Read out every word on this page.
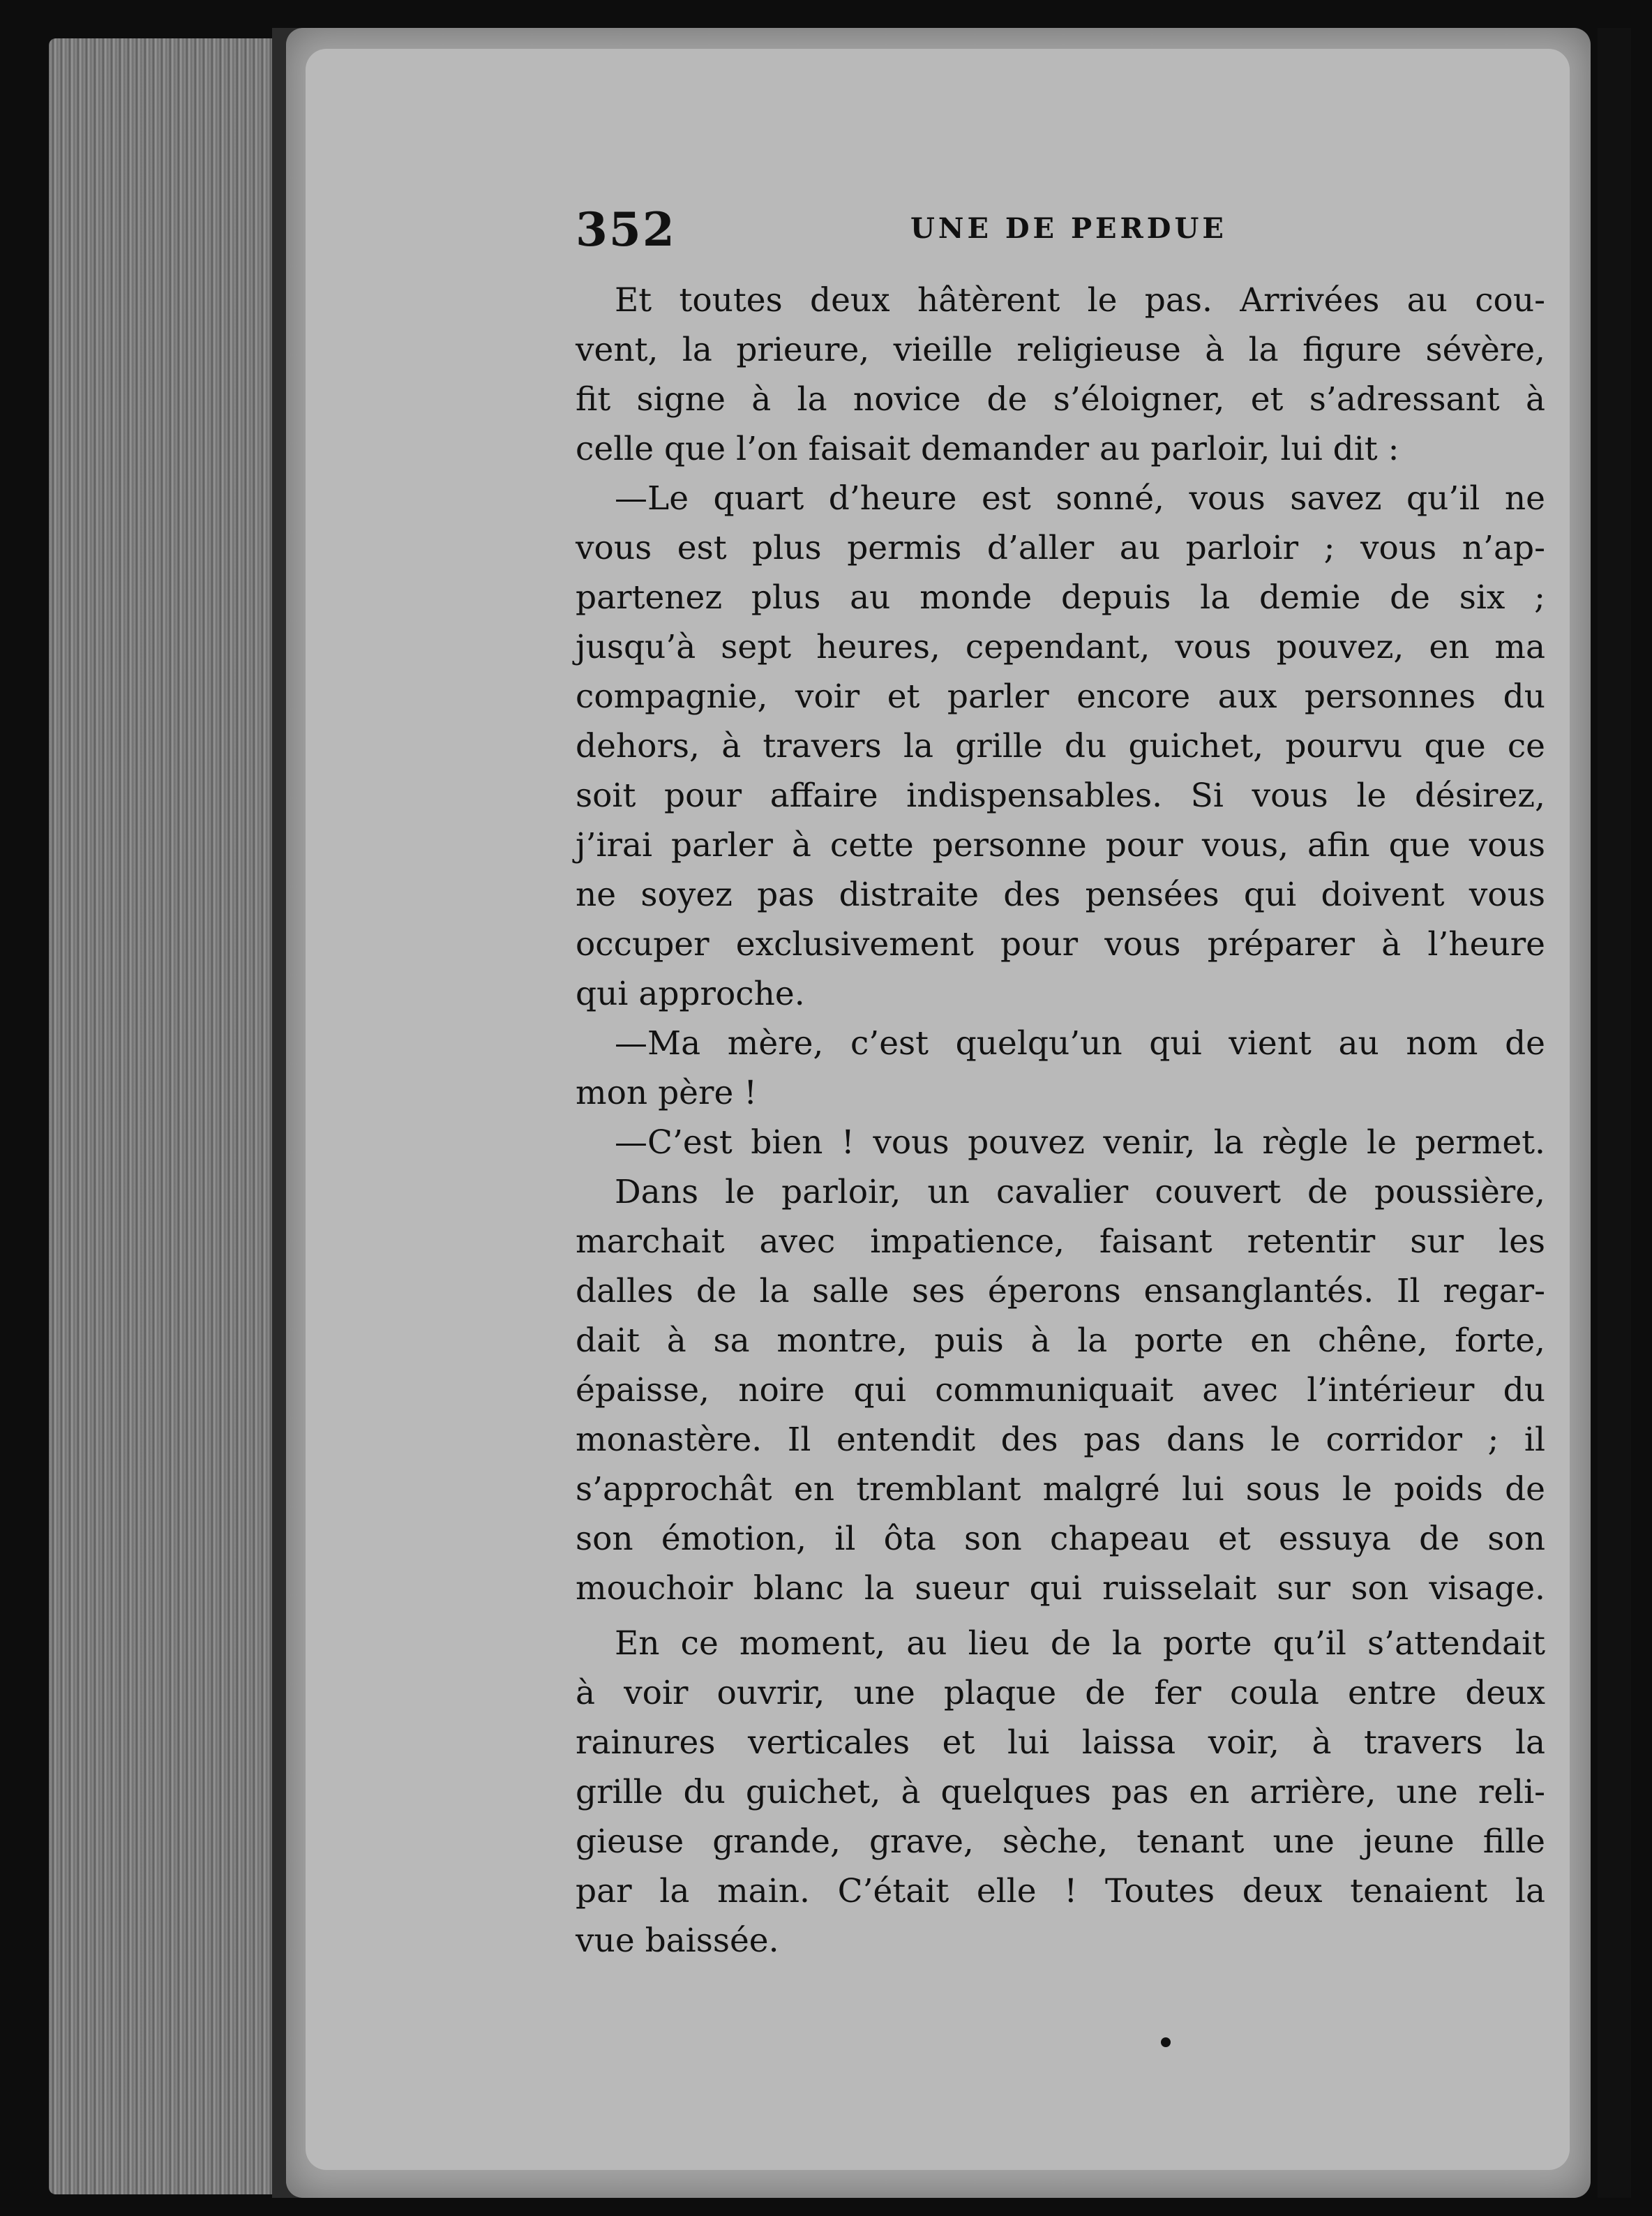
352	UNE DE PERDUE
Et toutes deux hâtèrent le pas. Arrivées au cou-
vent, la prieure, vieille religieuse à la figure sévère,
fit signe à la novice de s’éloigner, et s’adressant à
celle que l’on faisait demander au parloir, lui dit :
—Le quart d’heure est sonné, vous savez qu’il ne
vous est plus permis d’aller au parloir ; vous n’ap-
partenez plus au monde depuis la demie de six ;
jusqu’à sept heures, cependant, vous pouvez, en ma
compagnie, voir et parler encore aux personnes du
dehors, à travers la grille du guichet, pourvu que ce
soit pour affaire indispensables. Si vous le désirez,
j’irai parler à cette personne pour vous, afin que vous
ne soyez pas distraite des pensées qui doivent vous
occuper exclusivement pour vous préparer à l’heure
qui approche.
—Ma mère, c’est quelqu’un qui vient au nom de
mon père !
—C’est bien ! vous pouvez venir, la règle le permet.
Dans le parloir, un cavalier couvert de poussière,
marchait avec impatience, faisant retentir sur les
dalles de la salle ses éperons ensanglantés. Il regar-
dait à sa montre, puis à la porte en chêne, forte,
épaisse, noire qui communiquait avec l’intérieur du
monastère. Il entendit des pas dans le corridor ; il
s’approchât en tremblant malgré lui sous le poids de
son émotion, il ôta son chapeau et essuya de son
mouchoir blanc la sueur qui ruisselait sur son visage.
En ce moment, au lieu de la porte qu’il s’attendait
à voir ouvrir, une plaque de fer coula entre deux
rainures verticales et lui laissa voir, à travers la
grille du guichet, à quelques pas en arrière, une reli-
gieuse grande, grave, sèche, tenant une jeune fille
par la main. C’était elle ! Toutes deux tenaient la
vue baissée.
